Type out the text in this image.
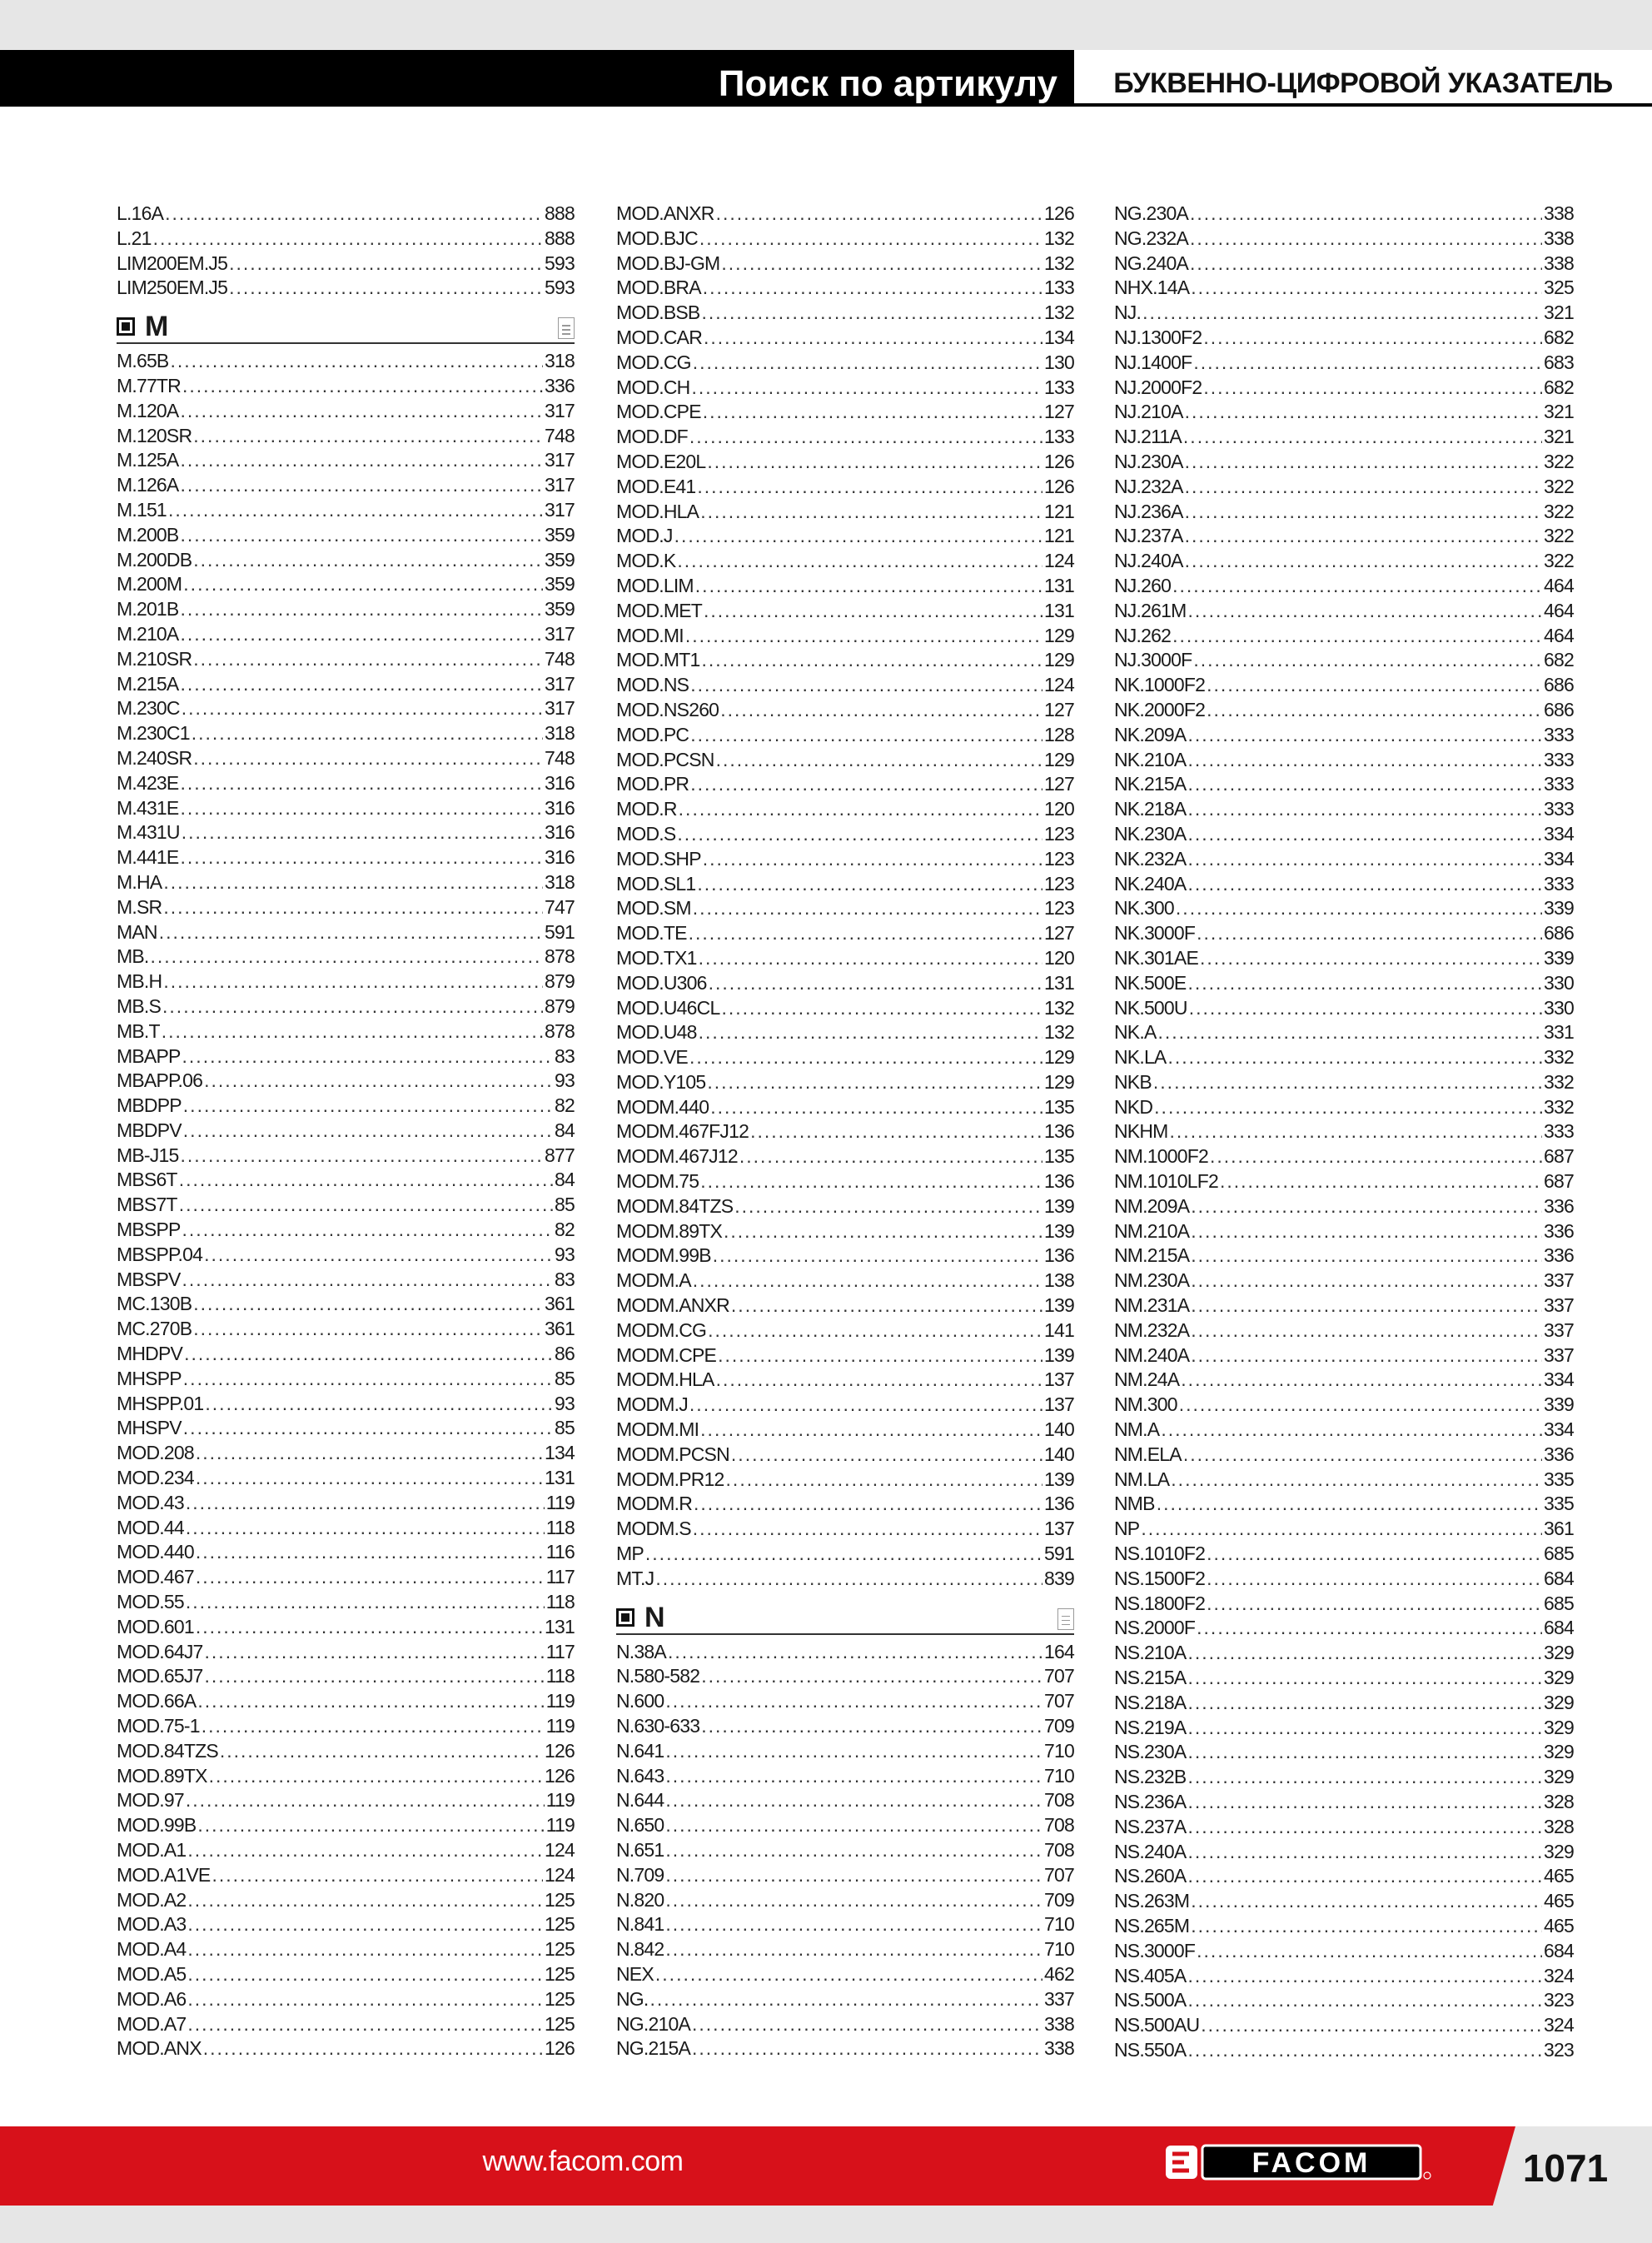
Поиск по артикулу	БУКВЕННО-ЦИФРОВОЙ УКАЗАТЕЛЬ
L.16A .....	888
L.21 .....	888
LIM200EM.J5 .....	593
LIM250EM.J5 .....	593
M
M.65B .....	318
M.77TR .....	336
M.120A .....	317
M.120SR .....	748
M.125A .....	317
M.126A .....	317
M.151 .....	317
M.200B .....	359
M.200DB .....	359
M.200M .....	359
M.201B .....	359
M.210A .....	317
M.210SR .....	748
M.215A .....	317
M.230C .....	317
M.230C1 .....	318
M.240SR .....	748
M.423E .....	316
M.431E .....	316
M.431U .....	316
M.441E .....	316
M.HA .....	318
M.SR .....	747
MAN .....	591
MB. .....	878
MB.H .....	879
MB.S .....	879
MB.T .....	878
MBAPP .....	83
MBAPP.06 .....	93
MBDPP .....	82
MBDPV .....	84
MB-J15 .....	877
MBS6T .....	84
MBS7T .....	85
MBSPP .....	82
MBSPP.04 .....	93
MBSPV .....	83
MC.130B .....	361
MC.270B .....	361
MHDPV .....	86
MHSPP .....	85
MHSPP.01 .....	93
MHSPV .....	85
MOD.208 .....	134
MOD.234 .....	131
MOD.43 .....	119
MOD.44 .....	118
MOD.440 .....	116
MOD.467 .....	117
MOD.55 .....	118
MOD.601 .....	131
MOD.64J7 .....	117
MOD.65J7 .....	118
MOD.66A .....	119
MOD.75-1 .....	119
MOD.84TZS .....	126
MOD.89TX .....	126
MOD.97 .....	119
MOD.99B .....	119
MOD.A1 .....	124
MOD.A1VE .....	124
MOD.A2 .....	125
MOD.A3 .....	125
MOD.A4 .....	125
MOD.A5 .....	125
MOD.A6 .....	125
MOD.A7 .....	125
MOD.ANX .....	126
MOD.ANXR .....	126
MOD.BJC .....	132
MOD.BJ-GM .....	132
MOD.BRA .....	133
MOD.BSB .....	132
MOD.CAR .....	134
MOD.CG .....	130
MOD.CH .....	133
MOD.CPE .....	127
MOD.DF .....	133
MOD.E20L .....	126
MOD.E41 .....	126
MOD.HLA .....	121
MOD.J .....	121
MOD.K .....	124
MOD.LIM .....	131
MOD.MET .....	131
MOD.MI .....	129
MOD.MT1 .....	129
MOD.NS .....	124
MOD.NS260 .....	127
MOD.PC .....	128
MOD.PCSN .....	129
MOD.PR .....	127
MOD.R .....	120
MOD.S .....	123
MOD.SHP .....	123
MOD.SL1 .....	123
MOD.SM .....	123
MOD.TE .....	127
MOD.TX1 .....	120
MOD.U306 .....	131
MOD.U46CL .....	132
MOD.U48 .....	132
MOD.VE .....	129
MOD.Y105 .....	129
MODM.440 .....	135
MODM.467FJ12 .....	136
MODM.467J12 .....	135
MODM.75 .....	136
MODM.84TZS .....	139
MODM.89TX .....	139
MODM.99B .....	136
MODM.A .....	138
MODM.ANXR .....	139
MODM.CG .....	141
MODM.CPE .....	139
MODM.HLA .....	137
MODM.J .....	137
MODM.MI .....	140
MODM.PCSN .....	140
MODM.PR12 .....	139
MODM.R .....	136
MODM.S .....	137
MP .....	591
MT.J .....	839
N
N.38A .....	164
N.580-582 .....	707
N.600 .....	707
N.630-633 .....	709
N.641 .....	710
N.643 .....	710
N.644 .....	708
N.650 .....	708
N.651 .....	708
N.709 .....	707
N.820 .....	709
N.841 .....	710
N.842 .....	710
NEX .....	462
NG. .....	337
NG.210A .....	338
NG.215A .....	338
NG.230A .....	338
NG.232A .....	338
NG.240A .....	338
NHX.14A .....	325
NJ. .....	321
NJ.1300F2 .....	682
NJ.1400F .....	683
NJ.2000F2 .....	682
NJ.210A .....	321
NJ.211A .....	321
NJ.230A .....	322
NJ.232A .....	322
NJ.236A .....	322
NJ.237A .....	322
NJ.240A .....	322
NJ.260 .....	464
NJ.261M .....	464
NJ.262 .....	464
NJ.3000F .....	682
NK.1000F2 .....	686
NK.2000F2 .....	686
NK.209A .....	333
NK.210A .....	333
NK.215A .....	333
NK.218A .....	333
NK.230A .....	334
NK.232A .....	334
NK.240A .....	333
NK.300 .....	339
NK.3000F .....	686
NK.301AE .....	339
NK.500E .....	330
NK.500U .....	330
NK.A .....	331
NK.LA .....	332
NKB .....	332
NKD .....	332
NKHM .....	333
NM.1000F2 .....	687
NM.1010LF2 .....	687
NM.209A .....	336
NM.210A .....	336
NM.215A .....	336
NM.230A .....	337
NM.231A .....	337
NM.232A .....	337
NM.240A .....	337
NM.24A .....	334
NM.300 .....	339
NM.A .....	334
NM.ELA .....	336
NM.LA .....	335
NMB .....	335
NP .....	361
NS.1010F2 .....	685
NS.1500F2 .....	684
NS.1800F2 .....	685
NS.2000F .....	684
NS.210A .....	329
NS.215A .....	329
NS.218A .....	329
NS.219A .....	329
NS.230A .....	329
NS.232B .....	329
NS.236A .....	328
NS.237A .....	328
NS.240A .....	329
NS.260A .....	465
NS.263M .....	465
NS.265M .....	465
NS.3000F .....	684
NS.405A .....	324
NS.500A .....	323
NS.500AU .....	324
NS.550A .....	323
www.facom.com	FACOM	1071
